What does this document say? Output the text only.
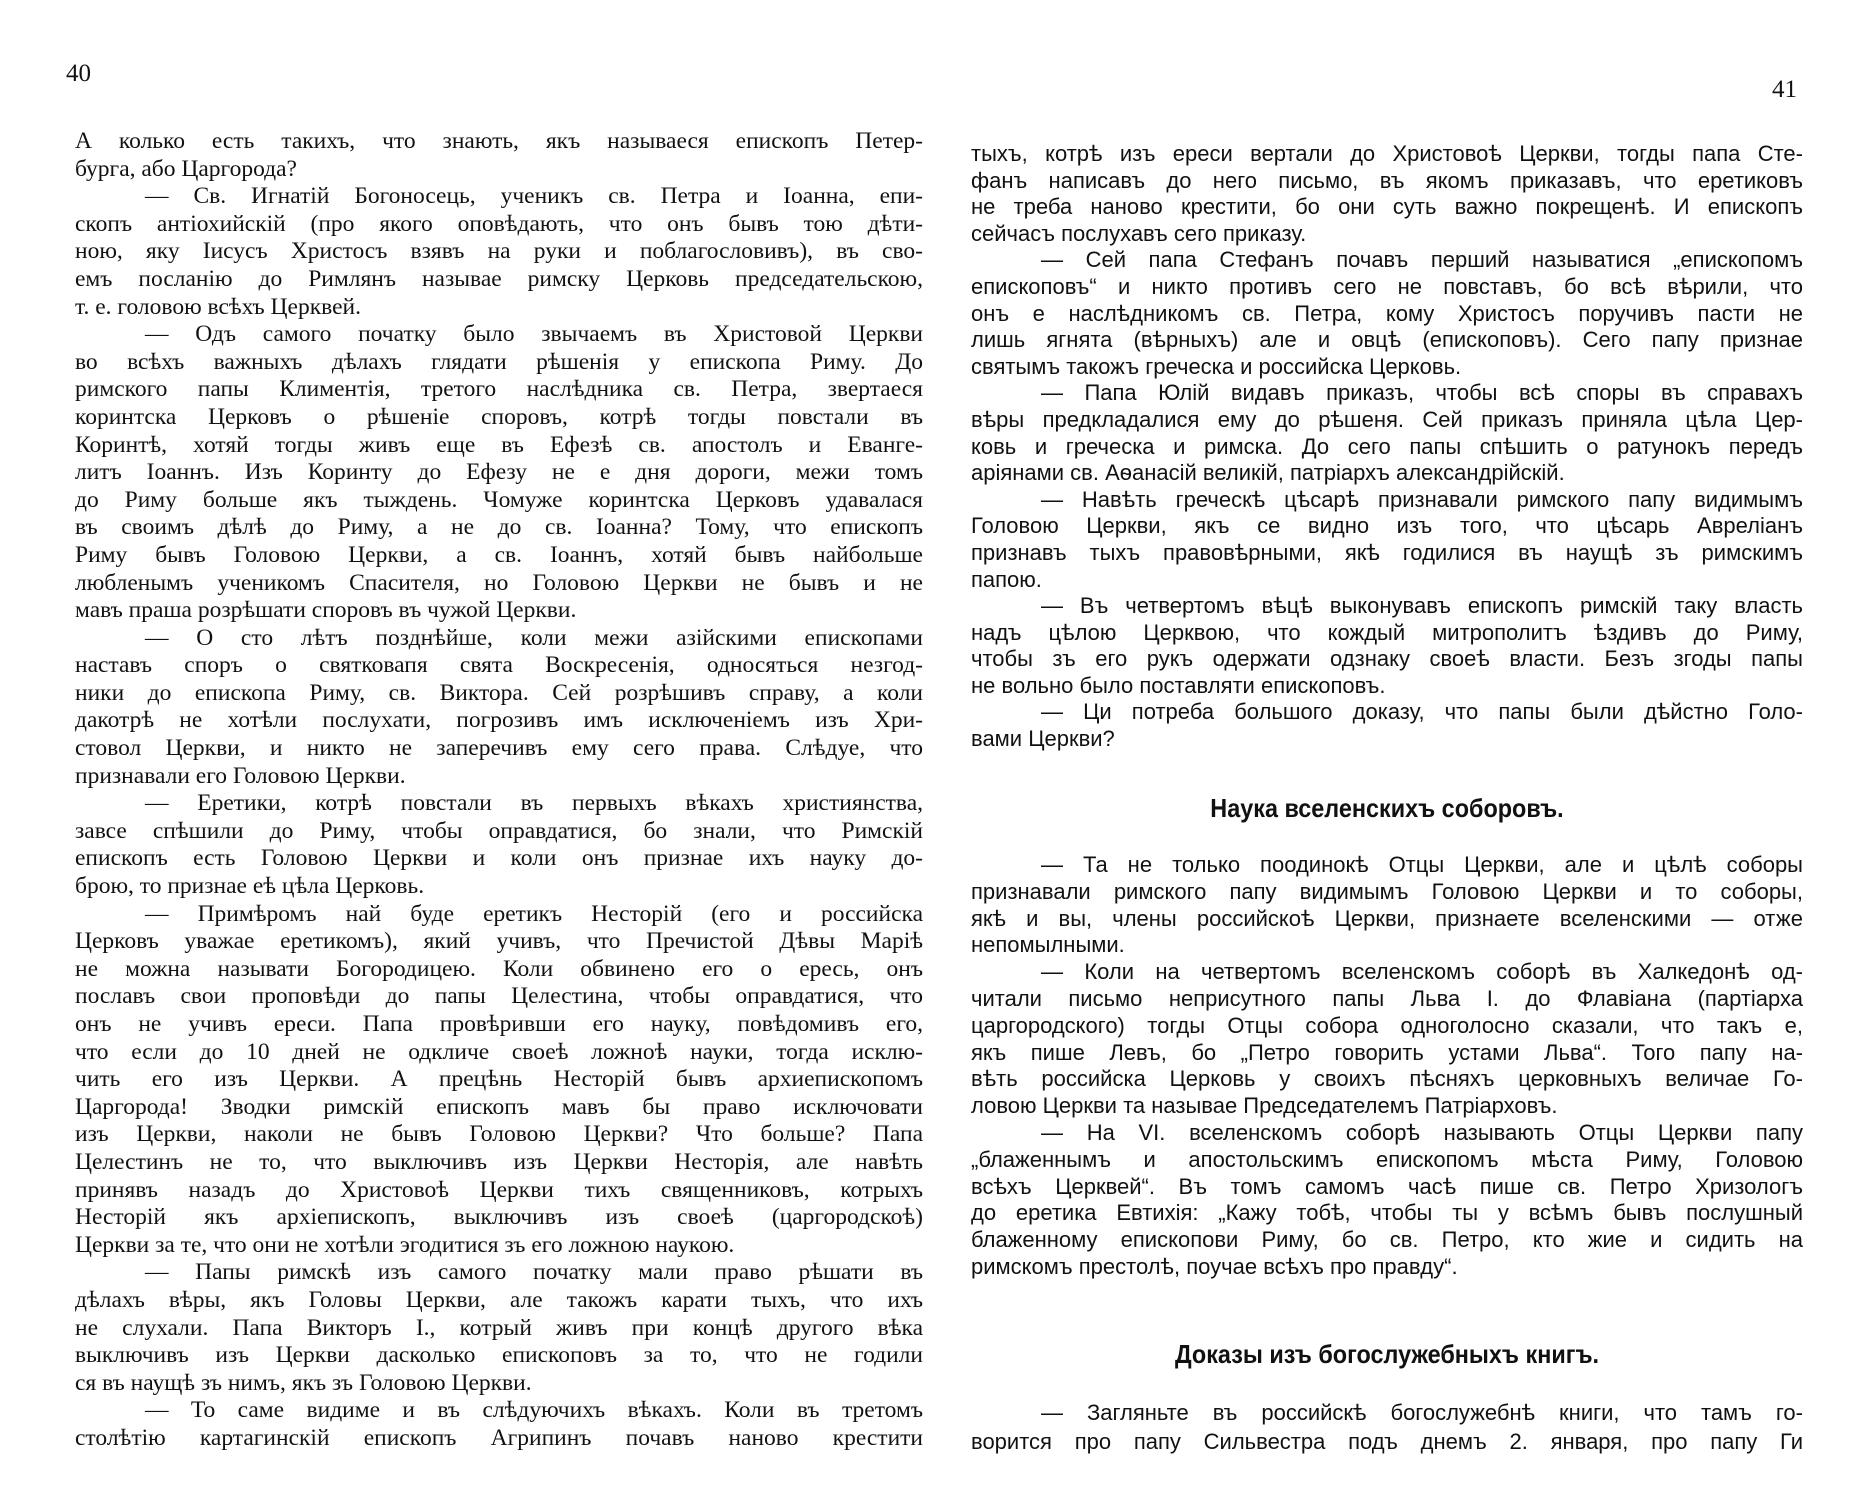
40
41
А колько есть такихъ, что знають, якъ называеся епископъ Петер-
бурга, або Царгорода?
— Св. Игнатій Богоносець, ученикъ св. Петра и Іоанна, епи-
скопъ антіохийскій (про якого оповѣдають, что онъ бывъ тою дѣти-
ною, яку Іисусъ Христосъ взявъ на руки и поблагословивъ), въ сво-
емъ посланію до Римлянъ называе римску Церковь председательскою,
т. е. головою всѣхъ Церквей.
— Одъ самого початку было звычаемъ въ Христовой Церкви
во всѣхъ важныхъ дѣлахъ глядати рѣшенія у епископа Риму. До
римского папы Климентія, третого наслѣдника св. Петра, звертаеся
коринтска Церковъ о рѣшеніе споровъ, котрѣ тогды повстали въ
Коринтѣ, хотяй тогды живъ еще въ Ефезѣ св. апостолъ и Еванге-
литъ Іоаннъ. Изъ Коринту до Ефезу не е дня дороги, межи томъ
до Риму больше якъ тыждень. Чомуже коринтска Церковъ удавалася
въ своимъ дѣлѣ до Риму, а не до св. Іоанна? Тому, что епископъ
Риму бывъ Головою Церкви, а св. Іоаннъ, хотяй бывъ найбольше
любленымъ ученикомъ Спасителя, но Головою Церкви не бывъ и не
мавъ праша розрѣшати споровъ въ чужой Церкви.
— О сто лѣтъ позднѣйше, коли межи азійскими епископами
наставъ споръ о святковапя свята Воскресенія, односяться незгод-
ники до епископа Риму, св. Виктора. Сей розрѣшивъ справу, а коли
дакотрѣ не хотѣли послухати, погрозивъ имъ исключеніемъ изъ Хри-
стовол Церкви, и никто не заперечивъ ему сего права. Слѣдуе, что
признавали его Головою Церкви.
— Еретики, котрѣ повстали въ первыхъ вѣкахъ християнства,
завсе спѣшили до Риму, чтобы оправдатися, бо знали, что Римскій
епископъ есть Головою Церкви и коли онъ признае ихъ науку до-
брою, то признае еѣ цѣла Церковь.
— Примѣромъ най буде еретикъ Несторій (его и российска
Церковъ уважае еретикомъ), який учивъ, что Пречистой Дѣвы Марiѣ
не можна называти Богородицею. Коли обвинено его о ересь, онъ
пославъ свои проповѣди до папы Целестина, чтобы оправдатися, что
онъ не учивъ ереси. Папа провѣривши его науку, повѣдомивъ его,
что если до 10 дней не одкличе своеѣ ложноѣ науки, тогда исклю-
чить его изъ Церкви. А прецѣнь Несторій бывъ архиепископомъ
Царгорода! Зводки римскій епископъ мавъ бы право исключовати
изъ Церкви, наколи не бывъ Головою Церкви? Что больше? Папа
Целестинъ не то, что выключивъ изъ Церкви Несторія, але навѣть
принявъ назадъ до Христовоѣ Церкви тихъ священниковъ, котрыхъ
Несторій якъ архіепископъ, выключивъ изъ своеѣ (царгородскоѣ)
Церкви за те, что они не хотѣли эгодитися зъ его ложною наукою.
— Папы римскѣ изъ самого початку мали право рѣшати въ
дѣлахъ вѣры, якъ Головы Церкви, але такожъ карати тыхъ, что ихъ
не слухали. Папа Викторъ I., котрый живъ при концѣ другого вѣка
выключивъ изъ Церкви дасколько епископовъ за то, что не годили
ся въ наущѣ зъ нимъ, якъ зъ Головою Церкви.
— То саме видиме и въ слѣдуючихъ вѣкахъ. Коли въ третомъ
столѣтію картагинскій епископъ Агрипинъ почавъ наново крестити
тыхъ, котрѣ изъ ереси вертали до Христовоѣ Церкви, тогды папа Сте-
фанъ написавъ до него письмо, въ якомъ приказавъ, что еретиковъ
не треба наново крестити, бо они суть важно покрещенѣ. И епископъ
сейчасъ послухавъ сего приказу.
— Сей папа Стефанъ почавъ перший называтися „епископомъ
епископовъ“ и никто противъ сего не повставъ, бо всѣ вѣрили, что
онъ е наслѣдникомъ св. Петра, кому Христосъ поручивъ пасти не
лишь ягнята (вѣрныхъ) але и овцѣ (епископовъ). Сего папу признае
святымъ такожъ греческа и российска Церковь.
— Папа Юлій видавъ приказъ, чтобы всѣ споры въ справахъ
вѣры предкладалися ему до рѣшеня. Сей приказъ приняла цѣла Цер-
ковь и греческа и римска. До сего папы спѣшить о ратунокъ передъ
аріянами св. Аѳанасій великій, патріархъ александрійскій.
— Навѣть греческѣ цѣсарѣ признавали римского папу видимымъ
Головою Церкви, якъ се видно изъ того, что цѣсарь Авреліанъ
признавъ тыхъ правовѣрными, якѣ годилися въ наущѣ зъ римскимъ
папою.
— Въ четвертомъ вѣцѣ выконувавъ епископъ римскій таку власть
надъ цѣлою Церквою, что кождый митрополитъ ѣздивъ до Риму,
чтобы зъ его рукъ одержати одзнаку своеѣ власти. Безъ згоды папы
не вольно было поставляти епископовъ.
— Ци потреба большого доказу, что папы были дѣйстно Голо-
вами Церкви?
Наука вселенскихъ соборовъ.
— Та не только поодинокѣ Отцы Церкви, але и цѣлѣ соборы
признавали римского папу видимымъ Головою Церкви и то соборы,
якѣ и вы, члены российскоѣ Церкви, признаете вселенскими — отже
непомылными.
— Коли на четвертомъ вселенскомъ соборѣ въ Халкедонѣ од-
читали письмо неприсутного папы Льва I. до Флавіана (партіарха
царгородского) тогды Отцы собора одноголосно сказали, что такъ е,
якъ пише Левъ, бо „Петро говорить устами Льва“. Того папу на-
вѣть российска Церковь у своихъ пѣсняхъ церковныхъ величае Го-
ловою Церкви та называе Председателемъ Патріарховъ.
— На VI. вселенскомъ соборѣ называють Отцы Церкви папу
„блаженнымъ и апостольскимъ епископомъ мѣста Риму, Головою
всѣхъ Церквей“. Въ томъ самомъ часѣ пише св. Петро Хризологъ
до еретика Евтихія: „Кажу тобѣ, чтобы ты у всѣмъ бывъ послушный
блаженному епископови Риму, бо св. Петро, кто жие и сидить на
римскомъ престолѣ, поучае всѣхъ про правду“.
Доказы изъ богослужебныхъ книгъ.
— Загляньте въ российскѣ богослужебнѣ книги, что тамъ го-
ворится про папу Сильвестра подъ днемъ 2. января, про папу Ги
